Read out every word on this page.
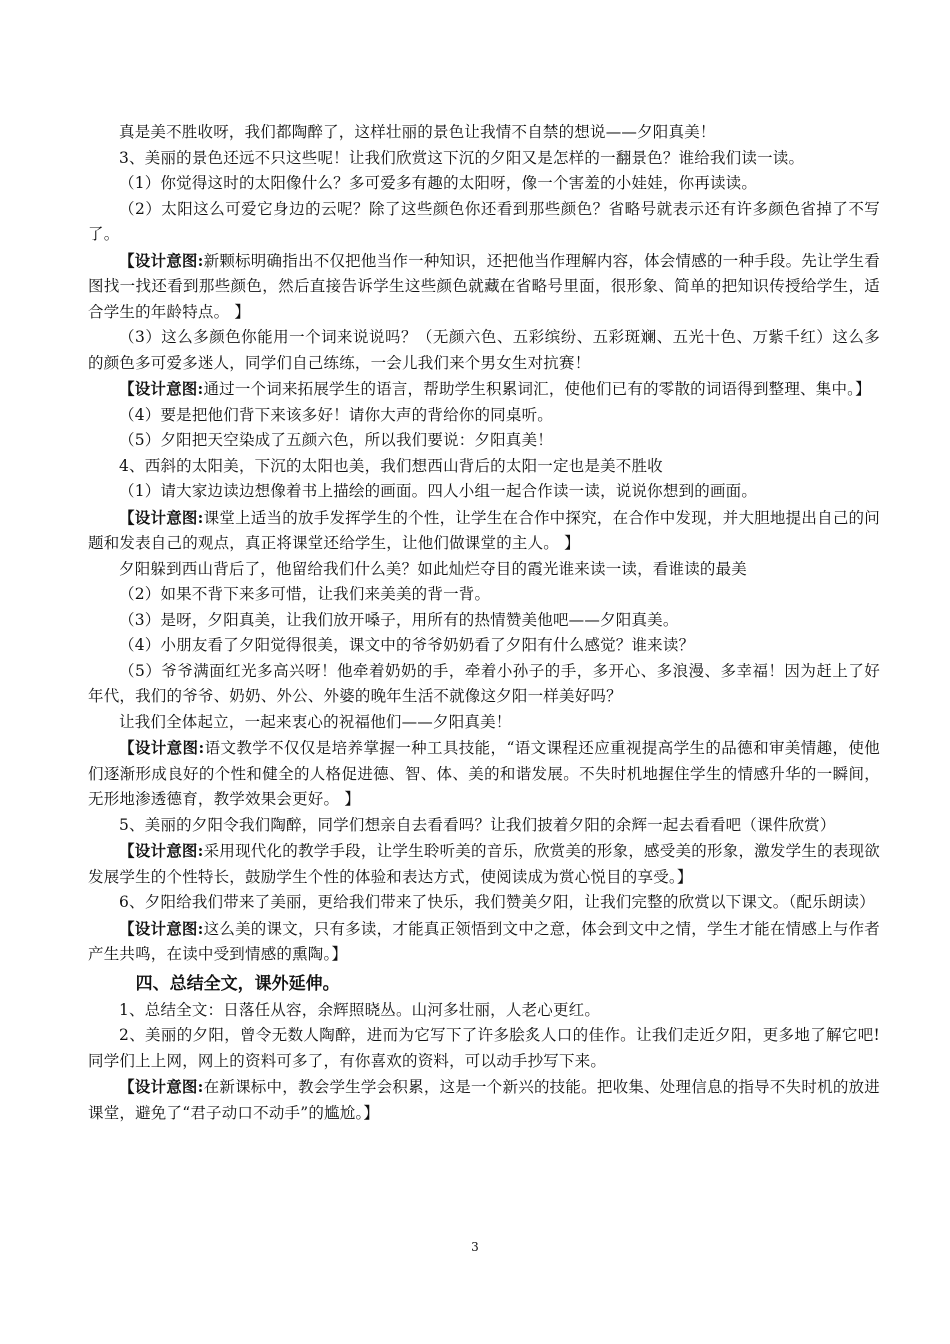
真是美不胜收呀，我们都陶醉了，这样壮丽的景色让我情不自禁的想说——夕阳真美！

3、美丽的景色还远不只这些呢！让我们欣赏这下沉的夕阳又是怎样的一翻景色？谁给我们读一读。

（1）你觉得这时的太阳像什么？多可爱多有趣的太阳呀，像一个害羞的小娃娃，你再读读。

（2）太阳这么可爱它身边的云呢？除了这些颜色你还看到那些颜色？省略号就表示还有许多颜色省掉了不写了。

【设计意图:新颗标明确指出不仅把他当作一种知识，还把他当作理解内容，体会情感的一种手段。先让学生看图找一找还看到那些颜色，然后直接告诉学生这些颜色就藏在省略号里面，很形象、简单的把知识传授给学生，适合学生的年龄特点。 】

（3）这么多颜色你能用一个词来说说吗？（无颜六色、五彩缤纷、五彩斑斓、五光十色、万紫千红）这么多的颜色多可爱多迷人，同学们自己练练，一会儿我们来个男女生对抗赛！

【设计意图:通过一个词来拓展学生的语言，帮助学生积累词汇，使他们已有的零散的词语得到整理、集中。】

（4）要是把他们背下来该多好！请你大声的背给你的同桌听。

（5）夕阳把天空染成了五颜六色，所以我们要说：夕阳真美！

4、西斜的太阳美，下沉的太阳也美，我们想西山背后的太阳一定也是美不胜收

（1）请大家边读边想像着书上描绘的画面。四人小组一起合作读一读，说说你想到的画面。

【设计意图:课堂上适当的放手发挥学生的个性，让学生在合作中探究，在合作中发现，并大胆地提出自己的问题和发表自己的观点，真正将课堂还给学生，让他们做课堂的主人。 】

夕阳躲到西山背后了，他留给我们什么美？如此灿烂夺目的霞光谁来读一读，看谁读的最美

（2）如果不背下来多可惜，让我们来美美的背一背。

（3）是呀，夕阳真美，让我们放开嗓子，用所有的热情赞美他吧——夕阳真美。

（4）小朋友看了夕阳觉得很美，课文中的爷爷奶奶看了夕阳有什么感觉？谁来读？

（5）爷爷满面红光多高兴呀！他牵着奶奶的手，牵着小孙子的手，多开心、多浪漫、多幸福！因为赶上了好年代，我们的爷爷、奶奶、外公、外婆的晚年生活不就像这夕阳一样美好吗？

让我们全体起立，一起来衷心的祝福他们——夕阳真美！

【设计意图:语文教学不仅仅是培养掌握一种工具技能，“语文课程还应重视提高学生的品德和审美情趣，使他们逐渐形成良好的个性和健全的人格促进德、智、体、美的和谐发展。不失时机地握住学生的情感升华的一瞬间，无形地渗透德育，教学效果会更好。 】

5、美丽的夕阳令我们陶醉，同学们想亲自去看看吗？让我们披着夕阳的余辉一起去看看吧（课件欣赏）

【设计意图:采用现代化的教学手段，让学生聆听美的音乐，欣赏美的形象，感受美的形象，激发学生的表现欲发展学生的个性特长，鼓励学生个性的体验和表达方式，使阅读成为赏心悦目的享受。】

6、夕阳给我们带来了美丽，更给我们带来了快乐，我们赞美夕阳，让我们完整的欣赏以下课文。（配乐朗读）

【设计意图:这么美的课文，只有多读，才能真正领悟到文中之意，体会到文中之情，学生才能在情感上与作者产生共鸣，在读中受到情感的熏陶。】

四、总结全文，课外延伸。

1、总结全文：日落任从容，余辉照晓丛。山河多壮丽，人老心更红。

2、美丽的夕阳，曾令无数人陶醉，进而为它写下了许多脍炙人口的佳作。让我们走近夕阳，更多地了解它吧!同学们上上网，网上的资料可多了，有你喜欢的资料，可以动手抄写下来。

【设计意图:在新课标中，教会学生学会积累，这是一个新兴的技能。把收集、处理信息的指导不失时机的放进课堂，避免了“君子动口不动手”的尴尬。】

3
